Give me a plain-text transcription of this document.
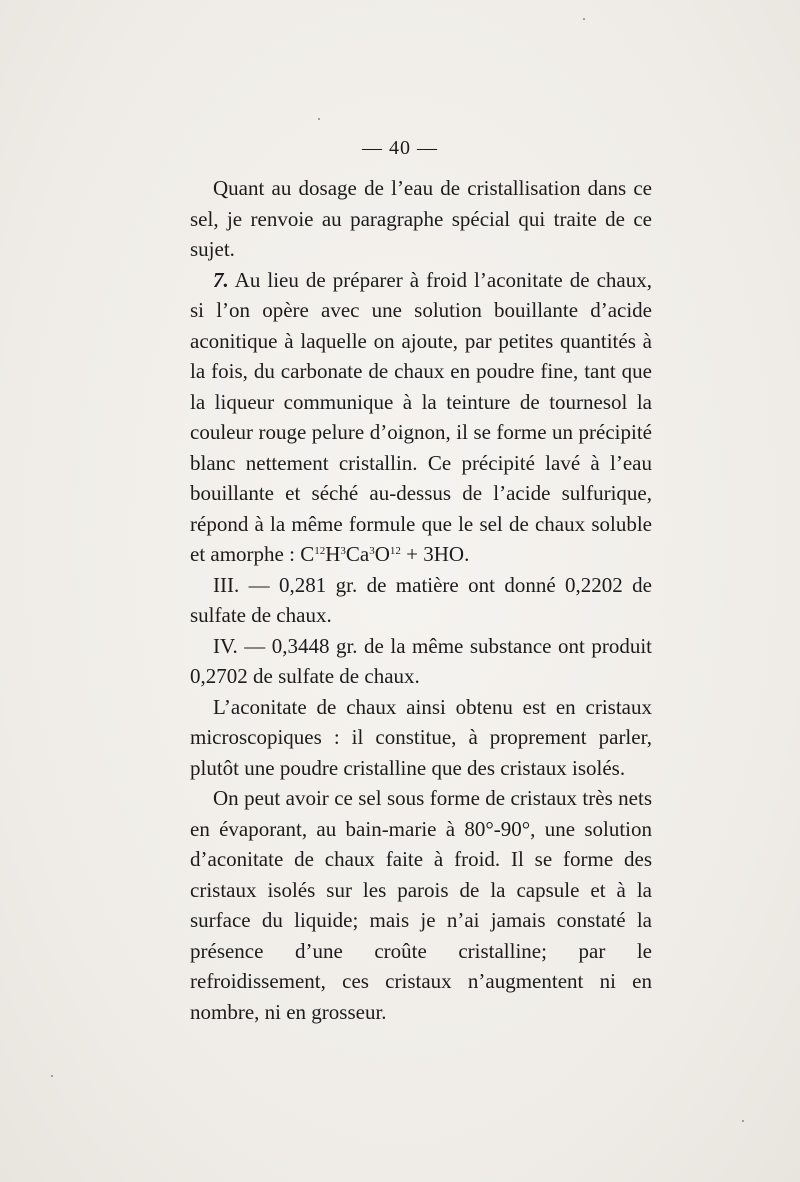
— 40 —

Quant au dosage de l’eau de cristallisation dans ce sel, je renvoie au paragraphe spécial qui traite de ce sujet.

7. Au lieu de préparer à froid l’aconitate de chaux, si l’on opère avec une solution bouillante d’acide aconitique à laquelle on ajoute, par petites quantités à la fois, du carbonate de chaux en poudre fine, tant que la liqueur communique à la teinture de tournesol la couleur rouge pelure d’oignon, il se forme un précipité blanc nettement cristallin. Ce précipité lavé à l’eau bouillante et séché au-dessus de l’acide sulfurique, répond à la même formule que le sel de chaux soluble et amorphe : $C^{12}H^3Ca^3O^{12} + 3HO$.

III. — 0,281 gr. de matière ont donné 0,2202 de sulfate de chaux.

IV. — 0,3448 gr. de la même substance ont produit 0,2702 de sulfate de chaux.

L’aconitate de chaux ainsi obtenu est en cristaux microscopiques : il constitue, à proprement parler, plutôt une poudre cristalline que des cristaux isolés.

On peut avoir ce sel sous forme de cristaux très nets en évaporant, au bain-marie à 80°-90°, une solution d’aconitate de chaux faite à froid. Il se forme des cristaux isolés sur les parois de la capsule et à la surface du liquide; mais je n’ai jamais constaté la présence d’une croûte cristalline; par le refroidissement, ces cristaux n’augmentent ni en nombre, ni en grosseur.
